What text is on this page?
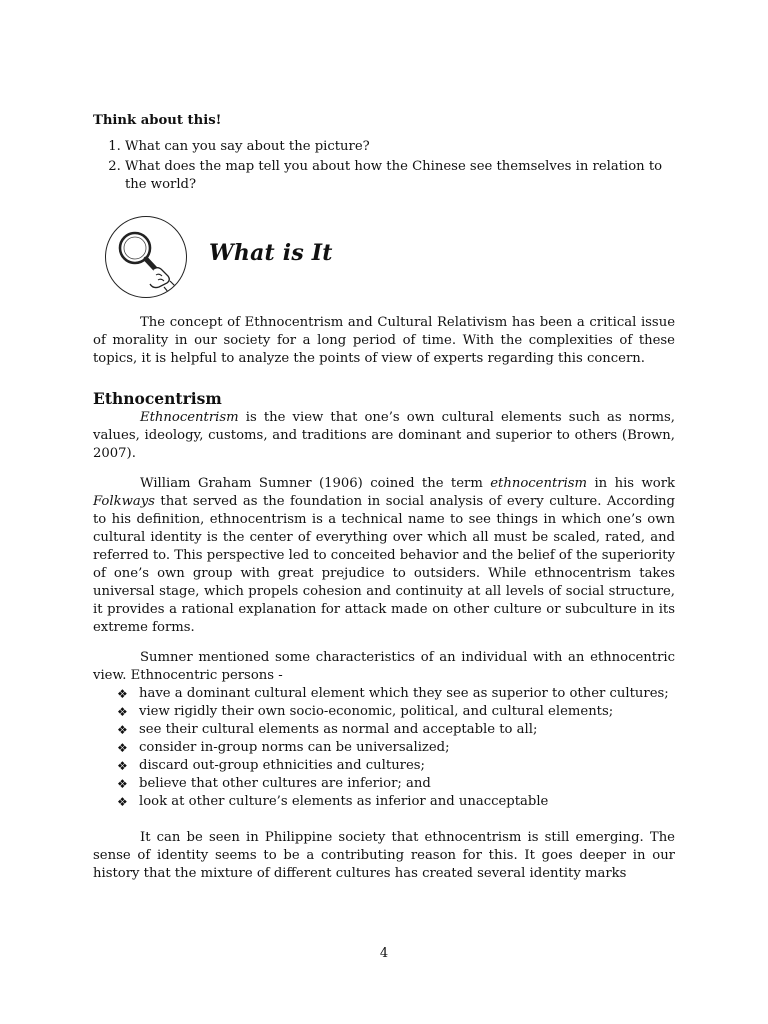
Think about this!
1. What can you say about the picture?
2. What does the map tell you about how the Chinese see themselves in relation to the world?
What is It

The concept of Ethnocentrism and Cultural Relativism has been a critical issue of morality in our society for a long period of time. With the complexities of these topics, it is helpful to analyze the points of view of experts regarding this concern.

Ethnocentrism

Ethnocentrism is the view that one’s own cultural elements such as norms, values, ideology, customs, and traditions are dominant and superior to others (Brown, 2007).

William Graham Sumner (1906) coined the term ethnocentrism in his work Folkways that served as the foundation in social analysis of every culture. According to his definition, ethnocentrism is a technical name to see things in which one’s own cultural identity is the center of everything over which all must be scaled, rated, and referred to. This perspective led to conceited behavior and the belief of the superiority of one’s own group with great prejudice to outsiders. While ethnocentrism takes universal stage, which propels cohesion and continuity at all levels of social structure, it provides a rational explanation for attack made on other culture or subculture in its extreme forms.

Sumner mentioned some characteristics of an individual with an ethnocentric view. Ethnocentric persons -

❖ have a dominant cultural element which they see as superior to other cultures;
❖ view rigidly their own socio-economic, political, and cultural elements;
❖ see their cultural elements as normal and acceptable to all;
❖ consider in-group norms can be universalized;
❖ discard out-group ethnicities and cultures;
❖ believe that other cultures are inferior; and
❖ look at other culture’s elements as inferior and unacceptable

It can be seen in Philippine society that ethnocentrism is still emerging. The sense of identity seems to be a contributing reason for this. It goes deeper in our history that the mixture of different cultures has created several identity marks

4
